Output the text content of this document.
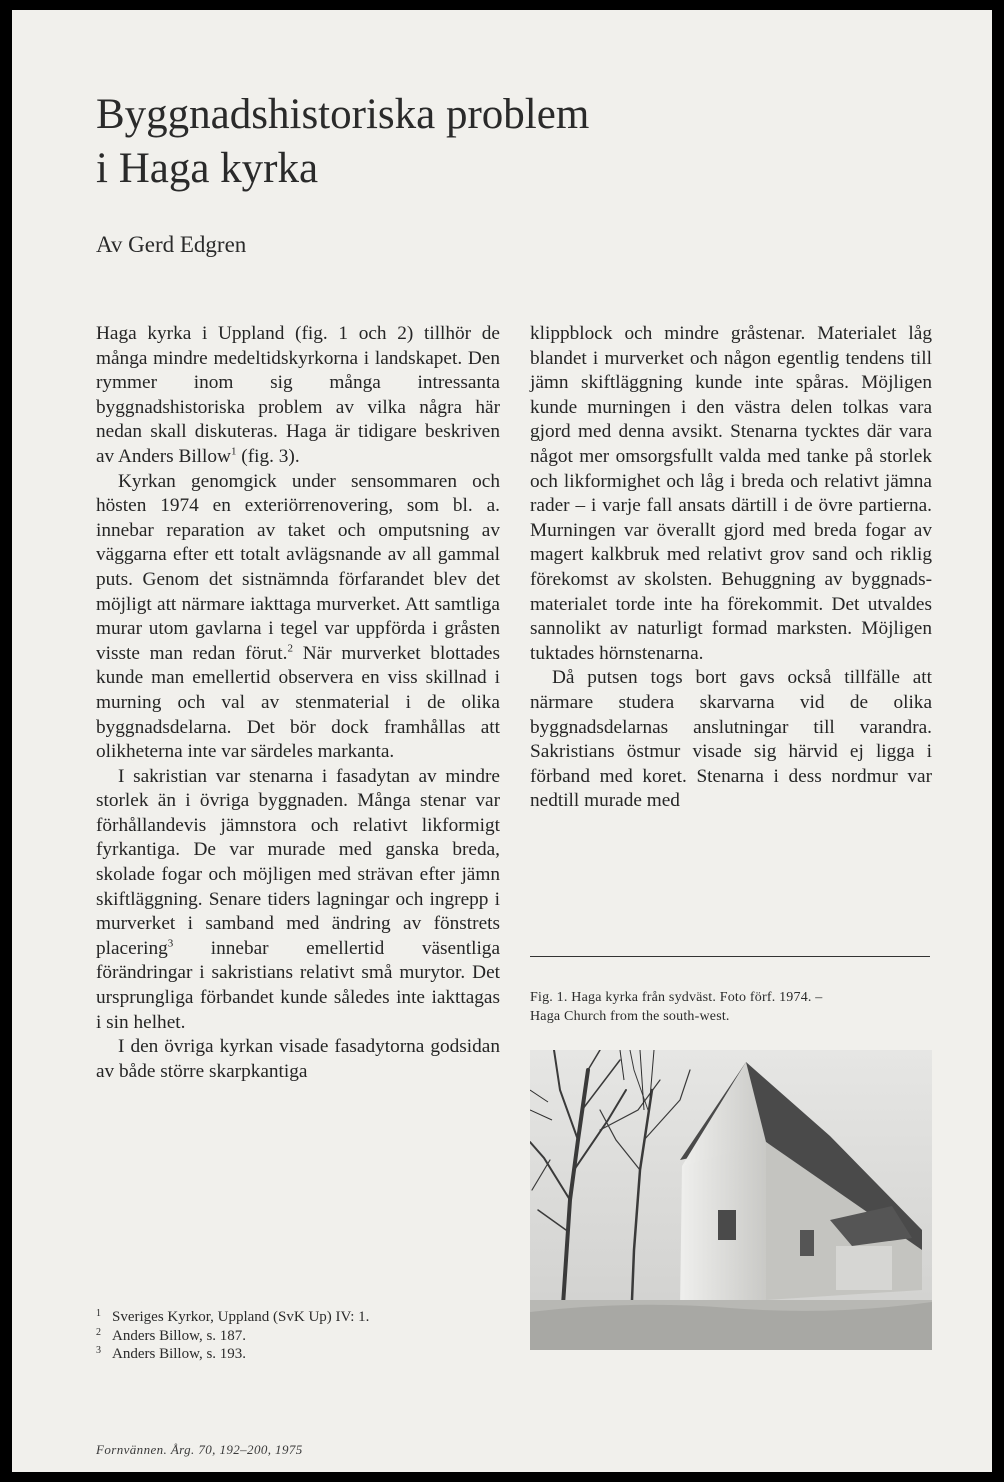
Byggnadshistoriska problem
i Haga kyrka
Av Gerd Edgren

Haga kyrka i Uppland (fig. 1 och 2) tillhör de många mindre medeltidskyrkorna i landskapet. Den rymmer inom sig många intressanta byggnadshistoriska problem av vilka några här nedan skall diskuteras. Haga är tidigare beskriven av Anders Billow$^1$ (fig. 3).

Kyrkan genomgick under sensommaren och hösten 1974 en exteriörrenovering, som bl. a. innebar reparation av taket och omputsning av väggarna efter ett totalt avlägsnande av all gammal puts. Genom det sistnämnda förfarandet blev det möjligt att närmare iakttaga murverket. Att samtliga murar utom gavlarna i tegel var uppförda i gråsten visste man redan förut.$^2$ När murverket blottades kunde man emellertid observera en viss skillnad i murning och val av stenmaterial i de olika byggnadsdelarna. Det bör dock framhållas att olikheterna inte var särdeles markanta.

I sakristian var stenarna i fasadytan av mindre storlek än i övriga byggnaden. Många stenar var förhållandevis jämnstora och relativt likformigt fyrkantiga. De var murade med ganska breda, skolade fogar och möjligen med strävan efter jämn skiftläggning. Senare tiders lagningar och ingrepp i murverket i samband med ändring av fönstrets placering$^3$ innebar emellertid väsentliga förändringar i sakristians relativt små murytor. Det ursprungliga förbandet kunde således inte iakttagas i sin helhet.

I den övriga kyrkan visade fasadytorna godsidan av både större skarpkantiga

klippblock och mindre gråstenar. Materialet låg blandet i murverket och någon egentlig tendens till jämn skiftläggning kunde inte spåras. Möjligen kunde murningen i den västra delen tolkas vara gjord med denna avsikt. Stenarna tycktes där vara något mer omsorgsfullt valda med tanke på storlek och likformighet och låg i breda och relativt jämna rader – i varje fall ansats därtill i de övre partierna. Murningen var överallt gjord med breda fogar av magert kalkbruk med relativt grov sand och riklig förekomst av skolsten. Behuggning av byggnadsmaterialet torde inte ha förekommit. Det utvaldes sannolikt av naturligt formad marksten. Möjligen tuktades hörnstenarna.

Då putsen togs bort gavs också tillfälle att närmare studera skarvarna vid de olika byggnadsdelarnas anslutningar till varandra. Sakristians östmur visade sig härvid ej ligga i förband med koret. Stenarna i dess nordmur var nedtill murade med

Fig. 1. Haga kyrka från sydväst. Foto förf. 1974. –

Haga Church from the south-west.

1 Sveriges Kyrkor, Uppland (SvK Up) IV: 1.
2 Anders Billow, s. 187.
3 Anders Billow, s. 193.
Fornvännen. Årg. 70, 192–200, 1975
